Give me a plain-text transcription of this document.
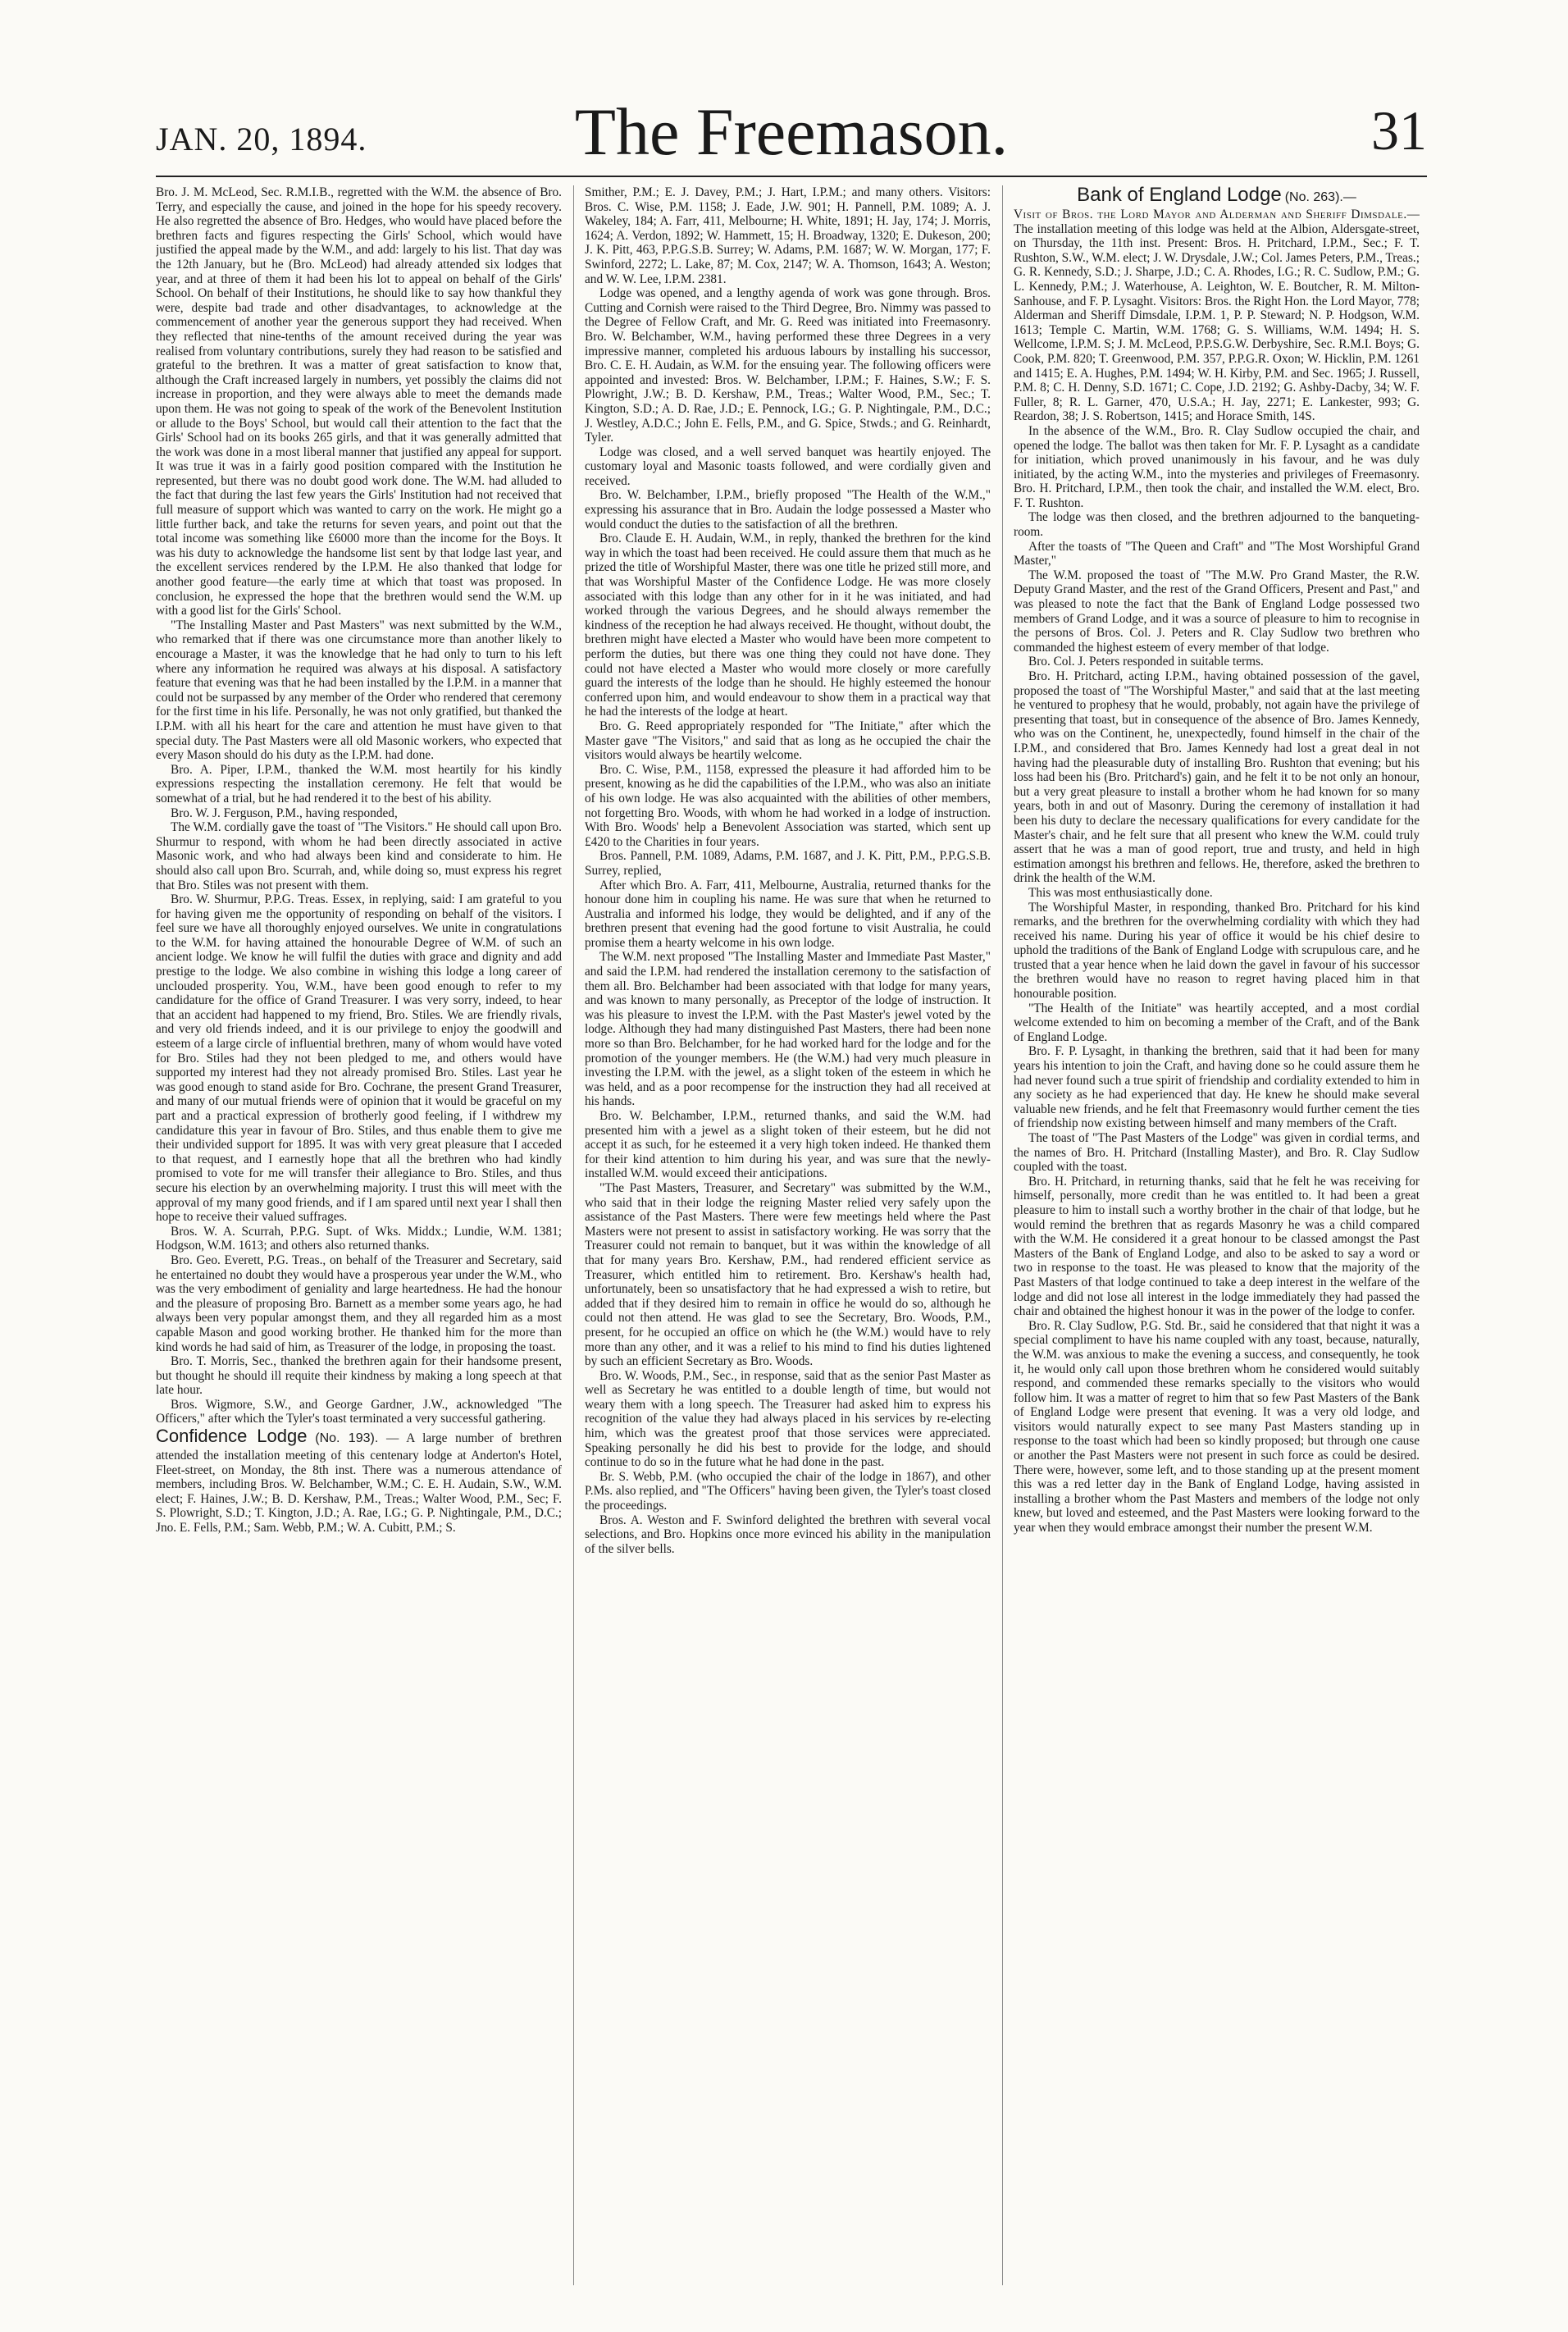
JAN. 20, 1894.	The Freemason.	31

Bro. J. M. McLeod, Sec. R.M.I.B., regretted with the W.M. the absence of Bro. Terry, and especially the cause, and joined in the hope for his speedy recovery. He also regretted the absence of Bro. Hedges, who would have placed before the brethren facts and figures respecting the Girls' School, which would have justified the appeal made by the W.M., and add: largely to his list. That day was the 12th January, but he (Bro. McLeod) had already attended six lodges that year, and at three of them it had been his lot to appeal on behalf of the Girls' School. On behalf of their Institutions, he should like to say how thankful they were, despite bad trade and other disadvantages, to acknowledge at the commencement of another year the generous support they had received. When they reflected that nine-tenths of the amount received during the year was realised from voluntary contributions, surely they had reason to be satisfied and grateful to the brethren. It was a matter of great satisfaction to know that, although the Craft increased largely in numbers, yet possibly the claims did not increase in proportion, and they were always able to meet the demands made upon them. He was not going to speak of the work of the Benevolent Institution or allude to the Boys' School, but would call their attention to the fact that the Girls' School had on its books 265 girls, and that it was generally admitted that the work was done in a most liberal manner that justified any appeal for support. It was true it was in a fairly good position compared with the Institution he represented, but there was no doubt good work done. The W.M. had alluded to the fact that during the last few years the Girls' Institution had not received that full measure of support which was wanted to carry on the work. He might go a little further back, and take the returns for seven years, and point out that the total income was something like £6000 more than the income for the Boys. It was his duty to acknowledge the handsome list sent by that lodge last year, and the excellent services rendered by the I.P.M. He also thanked that lodge for another good feature—the early time at which that toast was proposed. In conclusion, he expressed the hope that the brethren would send the W.M. up with a good list for the Girls' School.

"The Installing Master and Past Masters" was next submitted by the W.M., who remarked that if there was one circumstance more than another likely to encourage a Master, it was the knowledge that he had only to turn to his left where any information he required was always at his disposal. A satisfactory feature that evening was that he had been installed by the I.P.M. in a manner that could not be surpassed by any member of the Order who rendered that ceremony for the first time in his life. Personally, he was not only gratified, but thanked the I.P.M. with all his heart for the care and attention he must have given to that special duty. The Past Masters were all old Masonic workers, who expected that every Mason should do his duty as the I.P.M. had done.

Bro. A. Piper, I.P.M., thanked the W.M. most heartily for his kindly expressions respecting the installation ceremony. He felt that would be somewhat of a trial, but he had rendered it to the best of his ability.

Bro. W. J. Ferguson, P.M., having responded,

The W.M. cordially gave the toast of "The Visitors." He should call upon Bro. Shurmur to respond, with whom he had been directly associated in active Masonic work, and who had always been kind and considerate to him. He should also call upon Bro. Scurrah, and, while doing so, must express his regret that Bro. Stiles was not present with them.

Bro. W. Shurmur, P.P.G. Treas. Essex, in replying, said: I am grateful to you for having given me the opportunity of responding on behalf of the visitors. I feel sure we have all thoroughly enjoyed ourselves. We unite in congratulations to the W.M. for having attained the honourable Degree of W.M. of such an ancient lodge. We know he will fulfil the duties with grace and dignity and add prestige to the lodge. We also combine in wishing this lodge a long career of unclouded prosperity. You, W.M., have been good enough to refer to my candidature for the office of Grand Treasurer. I was very sorry, indeed, to hear that an accident had happened to my friend, Bro. Stiles. We are friendly rivals, and very old friends indeed, and it is our privilege to enjoy the goodwill and esteem of a large circle of influential brethren, many of whom would have voted for Bro. Stiles had they not been pledged to me, and others would have supported my interest had they not already promised Bro. Stiles. Last year he was good enough to stand aside for Bro. Cochrane, the present Grand Treasurer, and many of our mutual friends were of opinion that it would be graceful on my part and a practical expression of brotherly good feeling, if I withdrew my candidature this year in favour of Bro. Stiles, and thus enable them to give me their undivided support for 1895. It was with very great pleasure that I acceded to that request, and I earnestly hope that all the brethren who had kindly promised to vote for me will transfer their allegiance to Bro. Stiles, and thus secure his election by an overwhelming majority. I trust this will meet with the approval of my many good friends, and if I am spared until next year I shall then hope to receive their valued suffrages.

Bros. W. A. Scurrah, P.P.G. Supt. of Wks. Middx.; Lundie, W.M. 1381; Hodgson, W.M. 1613; and others also returned thanks.

Bro. Geo. Everett, P.G. Treas., on behalf of the Treasurer and Secretary, said he entertained no doubt they would have a prosperous year under the W.M., who was the very embodiment of geniality and large heartedness. He had the honour and the pleasure of proposing Bro. Barnett as a member some years ago, he had always been very popular amongst them, and they all regarded him as a most capable Mason and good working brother. He thanked him for the more than kind words he had said of him, as Treasurer of the lodge, in proposing the toast.

Bro. T. Morris, Sec., thanked the brethren again for their handsome present, but thought he should ill requite their kindness by making a long speech at that late hour.

Bros. Wigmore, S.W., and George Gardner, J.W., acknowledged "The Officers," after which the Tyler's toast terminated a very successful gathering.

Confidence Lodge (No. 193). — A large number of brethren attended the installation meeting of this centenary lodge at Anderton's Hotel, Fleet-street, on Monday, the 8th inst. There was a numerous attendance of members, including Bros. W. Belchamber, W.M.; C. E. H. Audain, S.W., W.M. elect; F. Haines, J.W.; B. D. Kershaw, P.M., Treas.; Walter Wood, P.M., Sec; F. S. Plowright, S.D.; T. Kington, J.D.; A. Rae, I.G.; G. P. Nightingale, P.M., D.C.; Jno. E. Fells, P.M.; Sam. Webb, P.M.; W. A. Cubitt, P.M.; S.

Smither, P.M.; E. J. Davey, P.M.; J. Hart, I.P.M.; and many others. Visitors: Bros. C. Wise, P.M. 1158; J. Eade, J.W. 901; H. Pannell, P.M. 1089; A. J. Wakeley, 184; A. Farr, 411, Melbourne; H. White, 1891; H. Jay, 174; J. Morris, 1624; A. Verdon, 1892; W. Hammett, 15; H. Broadway, 1320; E. Dukeson, 200; J. K. Pitt, 463, P.P.G.S.B. Surrey; W. Adams, P.M. 1687; W. W. Morgan, 177; F. Swinford, 2272; L. Lake, 87; M. Cox, 2147; W. A. Thomson, 1643; A. Weston; and W. W. Lee, I.P.M. 2381.

Lodge was opened, and a lengthy agenda of work was gone through. Bros. Cutting and Cornish were raised to the Third Degree, Bro. Nimmy was passed to the Degree of Fellow Craft, and Mr. G. Reed was initiated into Freemasonry. Bro. W. Belchamber, W.M., having performed these three Degrees in a very impressive manner, completed his arduous labours by installing his successor, Bro. C. E. H. Audain, as W.M. for the ensuing year. The following officers were appointed and invested: Bros. W. Belchamber, I.P.M.; F. Haines, S.W.; F. S. Plowright, J.W.; B. D. Kershaw, P.M., Treas.; Walter Wood, P.M., Sec.; T. Kington, S.D.; A. D. Rae, J.D.; E. Pennock, I.G.; G. P. Nightingale, P.M., D.C.; J. Westley, A.D.C.; John E. Fells, P.M., and G. Spice, Stwds.; and G. Reinhardt, Tyler.

Lodge was closed, and a well served banquet was heartily enjoyed. The customary loyal and Masonic toasts followed, and were cordially given and received.

Bro. W. Belchamber, I.P.M., briefly proposed "The Health of the W.M.," expressing his assurance that in Bro. Audain the lodge possessed a Master who would conduct the duties to the satisfaction of all the brethren.

Bro. Claude E. H. Audain, W.M., in reply, thanked the brethren for the kind way in which the toast had been received. He could assure them that much as he prized the title of Worshipful Master, there was one title he prized still more, and that was Worshipful Master of the Confidence Lodge. He was more closely associated with this lodge than any other for in it he was initiated, and had worked through the various Degrees, and he should always remember the kindness of the reception he had always received. He thought, without doubt, the brethren might have elected a Master who would have been more competent to perform the duties, but there was one thing they could not have done. They could not have elected a Master who would more closely or more carefully guard the interests of the lodge than he should. He highly esteemed the honour conferred upon him, and would endeavour to show them in a practical way that he had the interests of the lodge at heart.

Bro. G. Reed appropriately responded for "The Initiate," after which the Master gave "The Visitors," and said that as long as he occupied the chair the visitors would always be heartily welcome.

Bro. C. Wise, P.M., 1158, expressed the pleasure it had afforded him to be present, knowing as he did the capabilities of the I.P.M., who was also an initiate of his own lodge. He was also acquainted with the abilities of other members, not forgetting Bro. Woods, with whom he had worked in a lodge of instruction. With Bro. Woods' help a Benevolent Association was started, which sent up £420 to the Charities in four years.

Bros. Pannell, P.M. 1089, Adams, P.M. 1687, and J. K. Pitt, P.M., P.P.G.S.B. Surrey, replied,

After which Bro. A. Farr, 411, Melbourne, Australia, returned thanks for the honour done him in coupling his name. He was sure that when he returned to Australia and informed his lodge, they would be delighted, and if any of the brethren present that evening had the good fortune to visit Australia, he could promise them a hearty welcome in his own lodge.

The W.M. next proposed "The Installing Master and Immediate Past Master," and said the I.P.M. had rendered the installation ceremony to the satisfaction of them all. Bro. Belchamber had been associated with that lodge for many years, and was known to many personally, as Preceptor of the lodge of instruction. It was his pleasure to invest the I.P.M. with the Past Master's jewel voted by the lodge. Although they had many distinguished Past Masters, there had been none more so than Bro. Belchamber, for he had worked hard for the lodge and for the promotion of the younger members. He (the W.M.) had very much pleasure in investing the I.P.M. with the jewel, as a slight token of the esteem in which he was held, and as a poor recompense for the instruction they had all received at his hands.

Bro. W. Belchamber, I.P.M., returned thanks, and said the W.M. had presented him with a jewel as a slight token of their esteem, but he did not accept it as such, for he esteemed it a very high token indeed. He thanked them for their kind attention to him during his year, and was sure that the newly-installed W.M. would exceed their anticipations.

"The Past Masters, Treasurer, and Secretary" was submitted by the W.M., who said that in their lodge the reigning Master relied very safely upon the assistance of the Past Masters. There were few meetings held where the Past Masters were not present to assist in satisfactory working. He was sorry that the Treasurer could not remain to banquet, but it was within the knowledge of all that for many years Bro. Kershaw, P.M., had rendered efficient service as Treasurer, which entitled him to retirement. Bro. Kershaw's health had, unfortunately, been so unsatisfactory that he had expressed a wish to retire, but added that if they desired him to remain in office he would do so, although he could not then attend. He was glad to see the Secretary, Bro. Woods, P.M., present, for he occupied an office on which he (the W.M.) would have to rely more than any other, and it was a relief to his mind to find his duties lightened by such an efficient Secretary as Bro. Woods.

Bro. W. Woods, P.M., Sec., in response, said that as the senior Past Master as well as Secretary he was entitled to a double length of time, but would not weary them with a long speech. The Treasurer had asked him to express his recognition of the value they had always placed in his services by re-electing him, which was the greatest proof that those services were appreciated. Speaking personally he did his best to provide for the lodge, and should continue to do so in the future what he had done in the past.

Br. S. Webb, P.M. (who occupied the chair of the lodge in 1867), and other P.Ms. also replied, and "The Officers" having been given, the Tyler's toast closed the proceedings.

Bros. A. Weston and F. Swinford delighted the brethren with several vocal selections, and Bro. Hopkins once more evinced his ability in the manipulation of the silver bells.

Bank of England Lodge (No. 263).—

Visit of Bros. the Lord Mayor and Alderman and Sheriff Dimsdale.—The installation meeting of this lodge was held at the Albion, Aldersgate-street, on Thursday, the 11th inst. Present: Bros. H. Pritchard, I.P.M., Sec.; F. T. Rushton, S.W., W.M. elect; J. W. Drysdale, J.W.; Col. James Peters, P.M., Treas.; G. R. Kennedy, S.D.; J. Sharpe, J.D.; C. A. Rhodes, I.G.; R. C. Sudlow, P.M.; G. L. Kennedy, P.M.; J. Waterhouse, A. Leighton, W. E. Boutcher, R. M. Milton-Sanhouse, and F. P. Lysaght. Visitors: Bros. the Right Hon. the Lord Mayor, 778; Alderman and Sheriff Dimsdale, I.P.M. 1, P. P. Steward; N. P. Hodgson, W.M. 1613; Temple C. Martin, W.M. 1768; G. S. Williams, W.M. 1494; H. S. Wellcome, I.P.M. S; J. M. McLeod, P.P.S.G.W. Derbyshire, Sec. R.M.I. Boys; G. Cook, P.M. 820; T. Greenwood, P.M. 357, P.P.G.R. Oxon; W. Hicklin, P.M. 1261 and 1415; E. A. Hughes, P.M. 1494; W. H. Kirby, P.M. and Sec. 1965; J. Russell, P.M. 8; C. H. Denny, S.D. 1671; C. Cope, J.D. 2192; G. Ashby-Dacby, 34; W. F. Fuller, 8; R. L. Garner, 470, U.S.A.; H. Jay, 2271; E. Lankester, 993; G. Reardon, 38; J. S. Robertson, 1415; and Horace Smith, 14S.

In the absence of the W.M., Bro. R. Clay Sudlow occupied the chair, and opened the lodge. The ballot was then taken for Mr. F. P. Lysaght as a candidate for initiation, which proved unanimously in his favour, and he was duly initiated, by the acting W.M., into the mysteries and privileges of Freemasonry. Bro. H. Pritchard, I.P.M., then took the chair, and installed the W.M. elect, Bro. F. T. Rushton.

The lodge was then closed, and the brethren adjourned to the banqueting-room.

After the toasts of "The Queen and Craft" and "The Most Worshipful Grand Master,"

The W.M. proposed the toast of "The M.W. Pro Grand Master, the R.W. Deputy Grand Master, and the rest of the Grand Officers, Present and Past," and was pleased to note the fact that the Bank of England Lodge possessed two members of Grand Lodge, and it was a source of pleasure to him to recognise in the persons of Bros. Col. J. Peters and R. Clay Sudlow two brethren who commanded the highest esteem of every member of that lodge.

Bro. Col. J. Peters responded in suitable terms.

Bro. H. Pritchard, acting I.P.M., having obtained possession of the gavel, proposed the toast of "The Worshipful Master," and said that at the last meeting he ventured to prophesy that he would, probably, not again have the privilege of presenting that toast, but in consequence of the absence of Bro. James Kennedy, who was on the Continent, he, unexpectedly, found himself in the chair of the I.P.M., and considered that Bro. James Kennedy had lost a great deal in not having had the pleasurable duty of installing Bro. Rushton that evening; but his loss had been his (Bro. Pritchard's) gain, and he felt it to be not only an honour, but a very great pleasure to install a brother whom he had known for so many years, both in and out of Masonry. During the ceremony of installation it had been his duty to declare the necessary qualifications for every candidate for the Master's chair, and he felt sure that all present who knew the W.M. could truly assert that he was a man of good report, true and trusty, and held in high estimation amongst his brethren and fellows. He, therefore, asked the brethren to drink the health of the W.M.

This was most enthusiastically done.

The Worshipful Master, in responding, thanked Bro. Pritchard for his kind remarks, and the brethren for the overwhelming cordiality with which they had received his name. During his year of office it would be his chief desire to uphold the traditions of the Bank of England Lodge with scrupulous care, and he trusted that a year hence when he laid down the gavel in favour of his successor the brethren would have no reason to regret having placed him in that honourable position.

"The Health of the Initiate" was heartily accepted, and a most cordial welcome extended to him on becoming a member of the Craft, and of the Bank of England Lodge.

Bro. F. P. Lysaght, in thanking the brethren, said that it had been for many years his intention to join the Craft, and having done so he could assure them he had never found such a true spirit of friendship and cordiality extended to him in any society as he had experienced that day. He knew he should make several valuable new friends, and he felt that Freemasonry would further cement the ties of friendship now existing between himself and many members of the Craft.

The toast of "The Past Masters of the Lodge" was given in cordial terms, and the names of Bro. H. Pritchard (Installing Master), and Bro. R. Clay Sudlow coupled with the toast.

Bro. H. Pritchard, in returning thanks, said that he felt he was receiving for himself, personally, more credit than he was entitled to. It had been a great pleasure to him to install such a worthy brother in the chair of that lodge, but he would remind the brethren that as regards Masonry he was a child compared with the W.M. He considered it a great honour to be classed amongst the Past Masters of the Bank of England Lodge, and also to be asked to say a word or two in response to the toast. He was pleased to know that the majority of the Past Masters of that lodge continued to take a deep interest in the welfare of the lodge and did not lose all interest in the lodge immediately they had passed the chair and obtained the highest honour it was in the power of the lodge to confer.

Bro. R. Clay Sudlow, P.G. Std. Br., said he considered that that night it was a special compliment to have his name coupled with any toast, because, naturally, the W.M. was anxious to make the evening a success, and consequently, he took it, he would only call upon those brethren whom he considered would suitably respond, and commended these remarks specially to the visitors who would follow him. It was a matter of regret to him that so few Past Masters of the Bank of England Lodge were present that evening. It was a very old lodge, and visitors would naturally expect to see many Past Masters standing up in response to the toast which had been so kindly proposed; but through one cause or another the Past Masters were not present in such force as could be desired. There were, however, some left, and to those standing up at the present moment this was a red letter day in the Bank of England Lodge, having assisted in installing a brother whom the Past Masters and members of the lodge not only knew, but loved and esteemed, and the Past Masters were looking forward to the year when they would embrace amongst their number the present W.M.
